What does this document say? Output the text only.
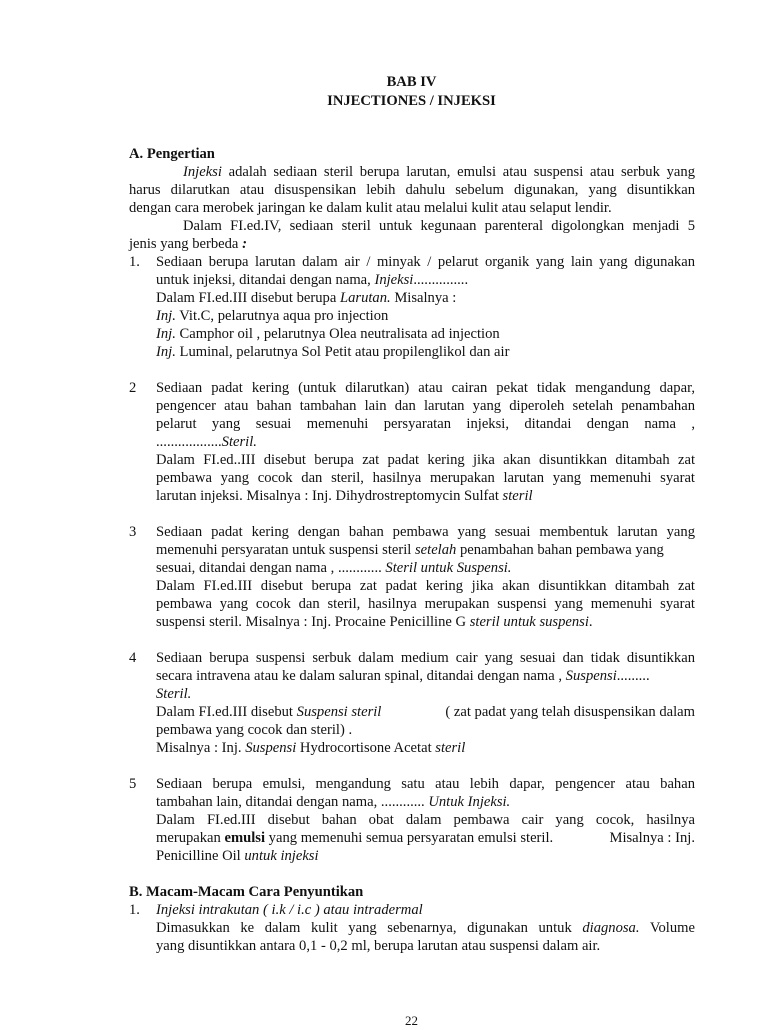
BAB IV
INJECTIONES / INJEKSI
A. Pengertian
Injeksi adalah sediaan steril berupa larutan, emulsi atau suspensi atau serbuk yang
harus dilarutkan atau disuspensikan lebih dahulu sebelum digunakan, yang disuntikkan
dengan cara merobek jaringan ke dalam kulit atau melalui kulit atau selaput lendir.
Dalam FI.ed.IV, sediaan steril untuk kegunaan parenteral digolongkan menjadi 5
jenis yang berbeda :
1. Sediaan berupa larutan dalam air / minyak / pelarut organik yang lain yang digunakan
untuk injeksi, ditandai dengan nama, Injeksi...............
Dalam FI.ed.III disebut berupa Larutan. Misalnya :
Inj. Vit.C, pelarutnya aqua pro injection
Inj. Camphor oil , pelarutnya Olea neutralisata ad injection
Inj. Luminal, pelarutnya Sol Petit atau propilenglikol dan air
2 Sediaan padat kering (untuk dilarutkan) atau cairan pekat tidak mengandung dapar,
pengencer atau bahan tambahan lain dan larutan yang diperoleh setelah penambahan
pelarut yang sesuai memenuhi persyaratan injeksi, ditandai dengan nama ,
..................Steril.
Dalam FI.ed..III disebut berupa zat padat kering jika akan disuntikkan ditambah zat
pembawa yang cocok dan steril, hasilnya merupakan larutan yang memenuhi syarat
larutan injeksi. Misalnya : Inj. Dihydrostreptomycin Sulfat steril
3 Sediaan padat kering dengan bahan pembawa yang sesuai membentuk larutan yang
memenuhi persyaratan untuk suspensi steril setelah penambahan bahan pembawa yang
sesuai, ditandai dengan nama , ............ Steril untuk Suspensi.
Dalam FI.ed.III disebut berupa zat padat kering jika akan disuntikkan ditambah zat
pembawa yang cocok dan steril, hasilnya merupakan suspensi yang memenuhi syarat
suspensi steril. Misalnya : Inj. Procaine Penicilline G steril untuk suspensi.
4 Sediaan berupa suspensi serbuk dalam medium cair yang sesuai dan tidak disuntikkan
secara intravena atau ke dalam saluran spinal, ditandai dengan nama , Suspensi.........
Steril.
Dalam FI.ed.III disebut Suspensi steril	( zat padat yang telah disuspensikan dalam
pembawa yang cocok dan steril) .
Misalnya : Inj. Suspensi Hydrocortisone Acetat steril
5 Sediaan berupa emulsi, mengandung satu atau lebih dapar, pengencer atau bahan
tambahan lain, ditandai dengan nama, ............ Untuk Injeksi.
Dalam FI.ed.III disebut bahan obat dalam pembawa cair yang cocok, hasilnya
merupakan emulsi yang memenuhi semua persyaratan emulsi steril.	Misalnya : Inj.
Penicilline Oil untuk injeksi
B. Macam-Macam Cara Penyuntikan
1. Injeksi intrakutan ( i.k / i.c ) atau intradermal
Dimasukkan ke dalam kulit yang sebenarnya, digunakan untuk diagnosa. Volume
yang disuntikkan antara 0,1 - 0,2 ml, berupa larutan atau suspensi dalam air.
22
